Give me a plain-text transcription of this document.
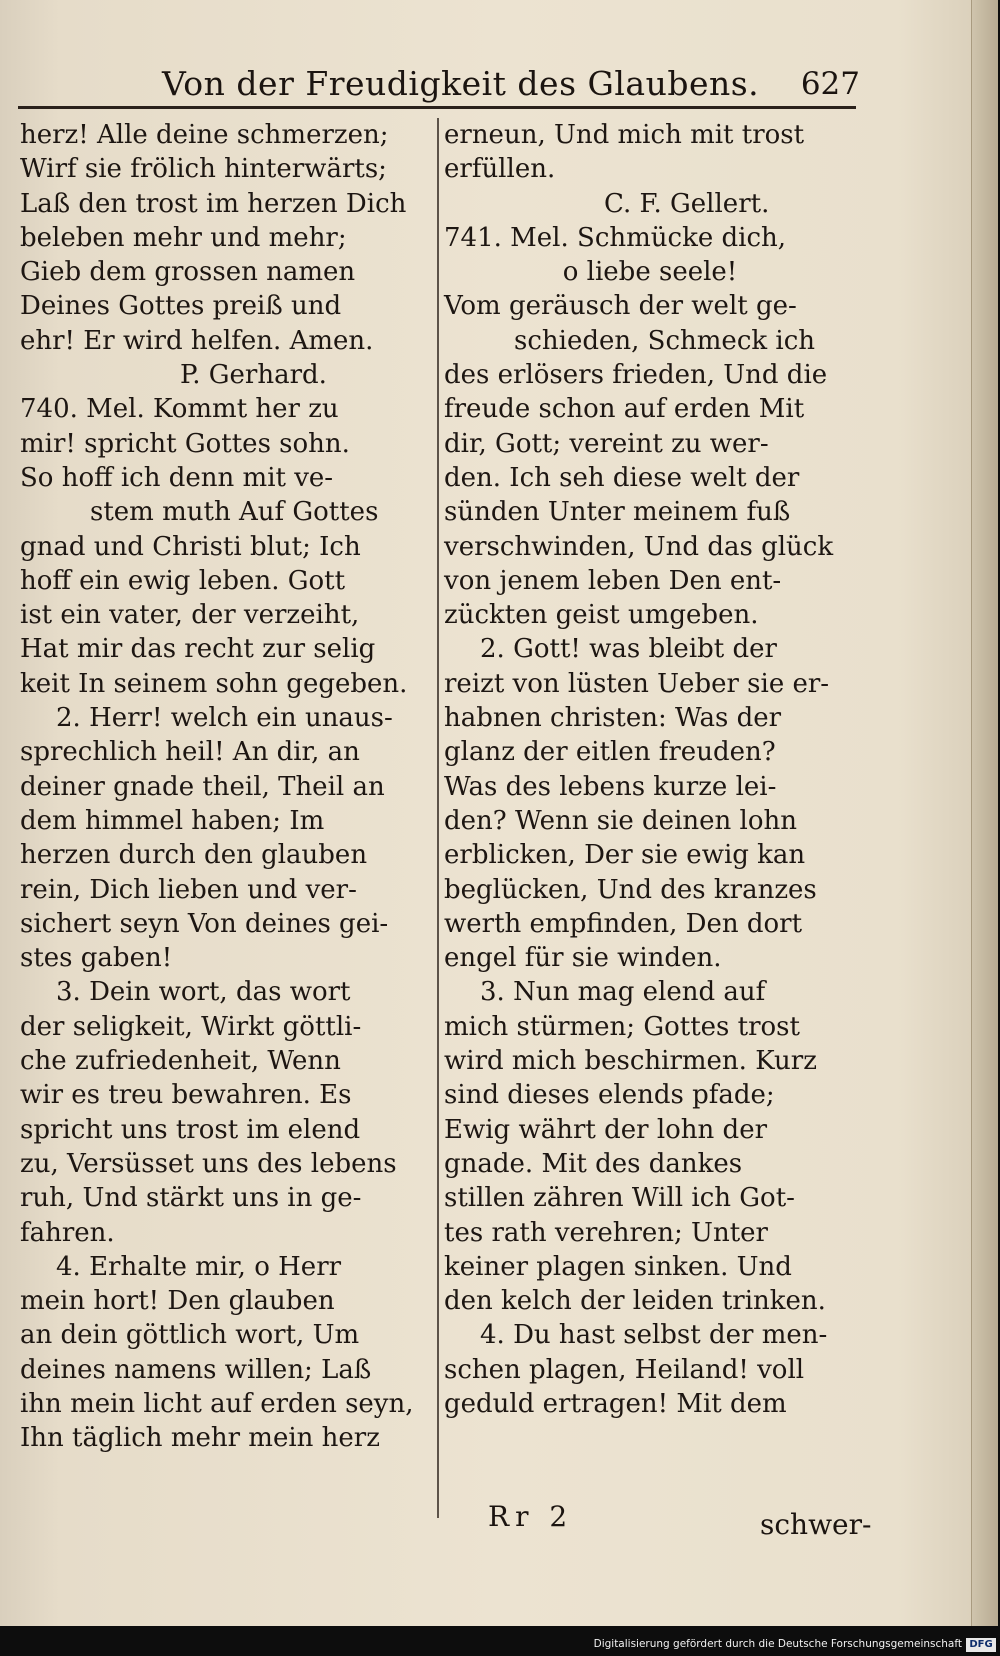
Von der Freudigkeit des Glaubens. 627
herz! Alle deine schmerzen;
Wirf sie frölich hinterwärts;
Laß den trost im herzen Dich
beleben mehr und mehr;
Gieb dem grossen namen
Deines Gottes preiß und
ehr! Er wird helfen. Amen.
P. Gerhard.
740. Mel. Kommt her zu
mir! spricht Gottes sohn.
So hoff ich denn mit ve-
stem muth Auf Gottes
gnad und Christi blut; Ich
hoff ein ewig leben. Gott
ist ein vater, der verzeiht,
Hat mir das recht zur selig
keit In seinem sohn gegeben.
2. Herr! welch ein unaus-
sprechlich heil! An dir, an
deiner gnade theil, Theil an
dem himmel haben; Im
herzen durch den glauben
rein, Dich lieben und ver-
sichert seyn Von deines gei-
stes gaben!
3. Dein wort, das wort
der seligkeit, Wirkt göttli-
che zufriedenheit, Wenn
wir es treu bewahren. Es
spricht uns trost im elend
zu, Versüsset uns des lebens
ruh, Und stärkt uns in ge-
fahren.
4. Erhalte mir, o Herr
mein hort! Den glauben
an dein göttlich wort, Um
deines namens willen; Laß
ihn mein licht auf erden seyn,
Ihn täglich mehr mein herz
erneun, Und mich mit trost
erfüllen.
C. F. Gellert.
741. Mel. Schmücke dich,
o liebe seele!
Vom geräusch der welt ge-
schieden, Schmeck ich
des erlösers frieden, Und die
freude schon auf erden Mit
dir, Gott; vereint zu wer-
den. Ich seh diese welt der
sünden Unter meinem fuß
verschwinden, Und das glück
von jenem leben Den ent-
zückten geist umgeben.
2. Gott! was bleibt der
reizt von lüsten Ueber sie er-
habnen christen: Was der
glanz der eitlen freuden?
Was des lebens kurze lei-
den? Wenn sie deinen lohn
erblicken, Der sie ewig kan
beglücken, Und des kranzes
werth empfinden, Den dort
engel für sie winden.
3. Nun mag elend auf
mich stürmen; Gottes trost
wird mich beschirmen. Kurz
sind dieses elends pfade;
Ewig währt der lohn der
gnade. Mit des dankes
stillen zähren Will ich Got-
tes rath verehren; Unter
keiner plagen sinken. Und
den kelch der leiden trinken.
4. Du hast selbst der men-
schen plagen, Heiland! voll
geduld ertragen! Mit dem
Rr 2	schwer-
Digitalisierung gefördert durch die Deutsche Forschungsgemeinschaft DFG
